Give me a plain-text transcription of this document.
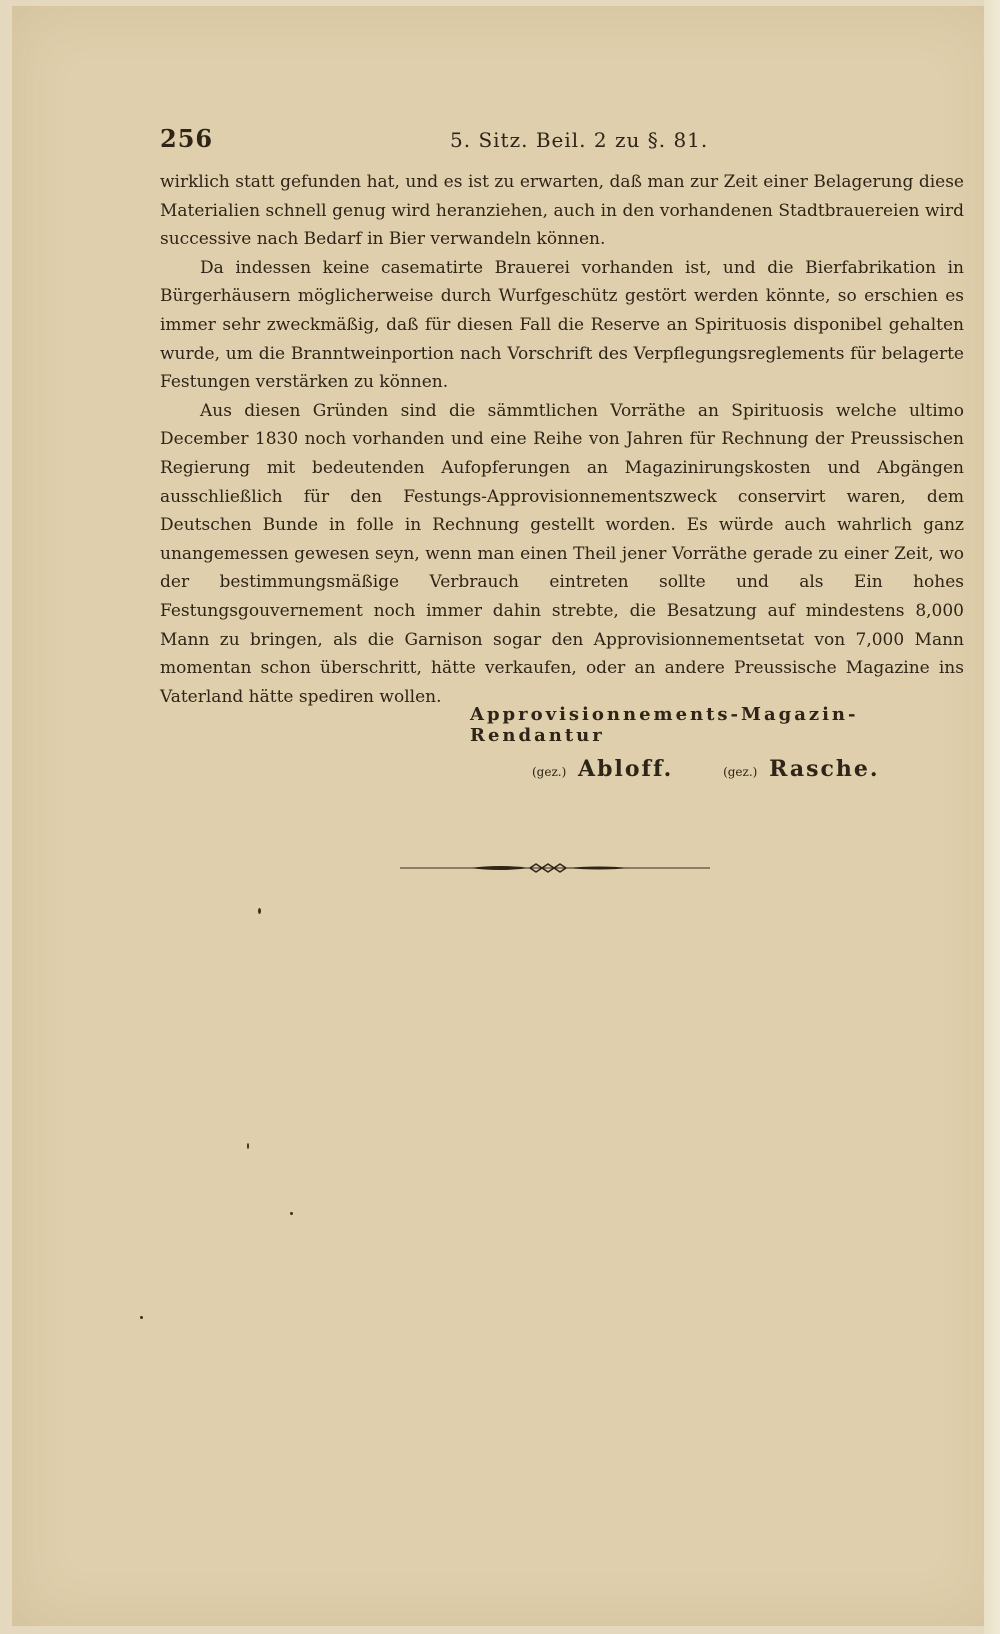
256	5. Sitz. Beil. 2 zu §. 81.

wirklich statt gefunden hat, und es ist zu erwarten, daß man zur Zeit einer Belagerung diese Materialien schnell genug wird heranziehen, auch in den vorhandenen Stadtbrauereien wird successive nach Bedarf in Bier verwandeln können.

Da indessen keine casematirte Brauerei vorhanden ist, und die Bierfabrikation in Bürgerhäusern möglicherweise durch Wurfgeschütz gestört werden könnte, so erschien es immer sehr zweckmäßig, daß für diesen Fall die Reserve an Spirituosis disponibel gehalten wurde, um die Branntweinportion nach Vorschrift des Verpflegungsreglements für belagerte Festungen verstärken zu können.

Aus diesen Gründen sind die sämmtlichen Vorräthe an Spirituosis welche ultimo December 1830 noch vorhanden und eine Reihe von Jahren für Rechnung der Preussischen Regierung mit bedeutenden Aufopferungen an Magazinirungskosten und Abgängen ausschließlich für den Festungs-Approvisionnementszweck conservirt waren, dem Deutschen Bunde in folle in Rechnung gestellt worden. Es würde auch wahrlich ganz unangemessen gewesen seyn, wenn man einen Theil jener Vorräthe gerade zu einer Zeit, wo der bestimmungsmäßige Verbrauch eintreten sollte und als Ein hohes Festungsgouvernement noch immer dahin strebte, die Besatzung auf mindestens 8,000 Mann zu bringen, als die Garnison sogar den Approvisionnementsetat von 7,000 Mann momentan schon überschritt, hätte verkaufen, oder an andere Preussische Magazine ins Vaterland hätte spediren wollen.

Approvisionnements-Magazin-Rendantur
(gez.) Abloff.	(gez.) Rasche.
